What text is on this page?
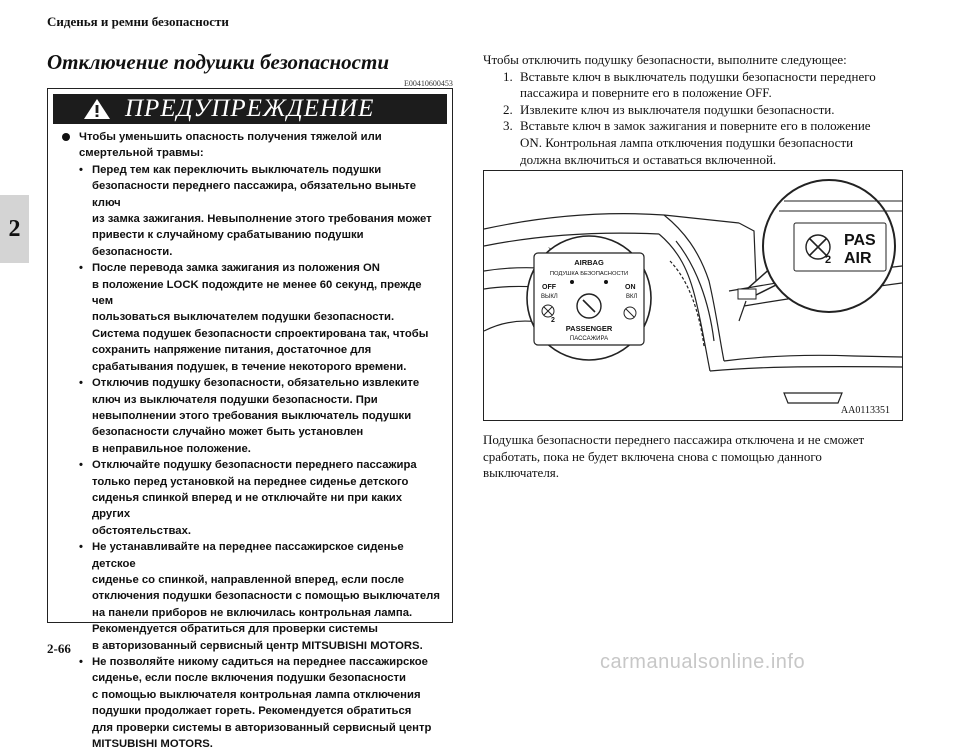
Сиденья и ремни безопасности
2
Отключение подушки безопасности
E00410600453
ПРЕДУПРЕЖДЕНИЕ
Чтобы уменьшить опасность получения тяжелой или
смертельной травмы:
• Перед тем как переключить выключатель подушки
безопасности переднего пассажира, обязательно выньте ключ
из замка зажигания. Невыполнение этого требования может
привести к случайному срабатыванию подушки безопасности.
• После перевода замка зажигания из положения ON
в положение LOCK подождите не менее 60 секунд, прежде чем
пользоваться выключателем подушки безопасности.
Система подушек безопасности спроектирована так, чтобы
сохранить напряжение питания, достаточное для
срабатывания подушек, в течение некоторого времени.
• Отключив подушку безопасности, обязательно извлеките
ключ из выключателя подушки безопасности. При
невыполнении этого требования выключатель подушки
безопасности случайно может быть установлен
в неправильное положение.
• Отключайте подушку безопасности переднего пассажира
только перед установкой на переднее сиденье детского
сиденья спинкой вперед и не отключайте ни при каких других
обстоятельствах.
• Не устанавливайте на переднее пассажирское сиденье детское
сиденье со спинкой, направленной вперед, если после
отключения подушки безопасности с помощью выключателя
на панели приборов не включилась контрольная лампа.
Рекомендуется обратиться для проверки системы
в авторизованный сервисный центр MITSUBISHI MOTORS.
• Не позволяйте никому садиться на переднее пассажирское
сиденье, если после включения подушки безопасности
с помощью выключателя контрольная лампа отключения
подушки продолжает гореть. Рекомендуется обратиться
для проверки системы в авторизованный сервисный центр
MITSUBISHI MOTORS.

Чтобы отключить подушку безопасности, выполните следующее:

1. Вставьте ключ в выключатель подушки безопасности переднего
пассажира и поверните его в положение OFF.
2. Извлеките ключ из выключателя подушки безопасности.
3. Вставьте ключ в замок зажигания и поверните его в положение
ON. Контрольная лампа отключения подушки безопасности
должна включиться и оставаться включенной.
2
PAS
AIR
AIRBAG
ПОДУШКА БЕЗОПАСНОСТИ
OFF
ВЫКЛ
ON
ВКЛ
2
PASSENGER
ПАССАЖИРА
AA0113351
Подушка безопасности переднего пассажира отключена и не сможет
сработать, пока не будет включена снова с помощью данного
выключателя.
2-66
carmanualsonline.info
